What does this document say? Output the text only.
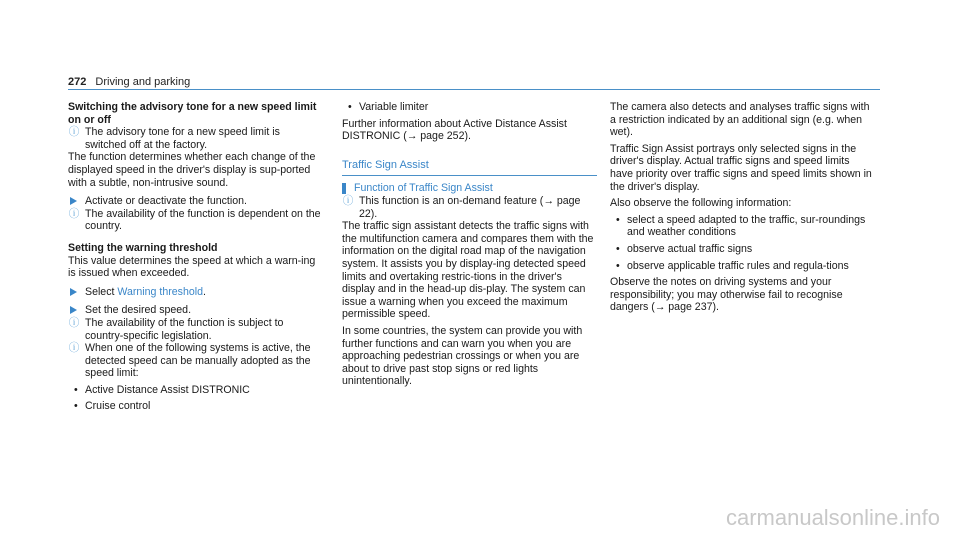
272 Driving and parking
Switching the advisory tone for a new speed limit on or off
ⓘ The advisory tone for a new speed limit is switched off at the factory.
The function determines whether each change of the displayed speed in the driver's display is sup‑ported with a subtle, non‑intrusive sound.
Activate or deactivate the function.
ⓘ The availability of the function is dependent on the country.
Setting the warning threshold
This value determines the speed at which a warn‑ing is issued when exceeded.
Select Warning threshold.
Set the desired speed.
ⓘ The availability of the function is subject to country‑specific legislation.
ⓘ When one of the following systems is active, the detected speed can be manually adopted as the speed limit:
• Active Distance Assist DISTRONIC
• Cruise control
• Variable limiter
Further information about Active Distance Assist DISTRONIC (→ page 252).
Traffic Sign Assist
Function of Traffic Sign Assist
ⓘ This function is an on‑demand feature (→ page 22).
The traffic sign assistant detects the traffic signs with the multifunction camera and compares them with the information on the digital road map of the navigation system. It assists you by display‑ing detected speed limits and overtaking restric‑tions in the driver's display and in the head‑up dis‑play. The system can issue a warning when you exceed the maximum permissible speed.
In some countries, the system can provide you with further functions and can warn you when you are approaching pedestrian crossings or when you are about to drive past stop signs or red lights unintentionally.
The camera also detects and analyses traffic signs with a restriction indicated by an additional sign (e.g. when wet).
Traffic Sign Assist portrays only selected signs in the driver's display. Actual traffic signs and speed limits have priority over traffic signs and speed limits shown in the driver's display.
Also observe the following information:
• select a speed adapted to the traffic, sur‑roundings and weather conditions
• observe actual traffic signs
• observe applicable traffic rules and regula‑tions
Observe the notes on driving systems and your responsibility; you may otherwise fail to recognise dangers (→ page 237).
carmanualsonline.info
